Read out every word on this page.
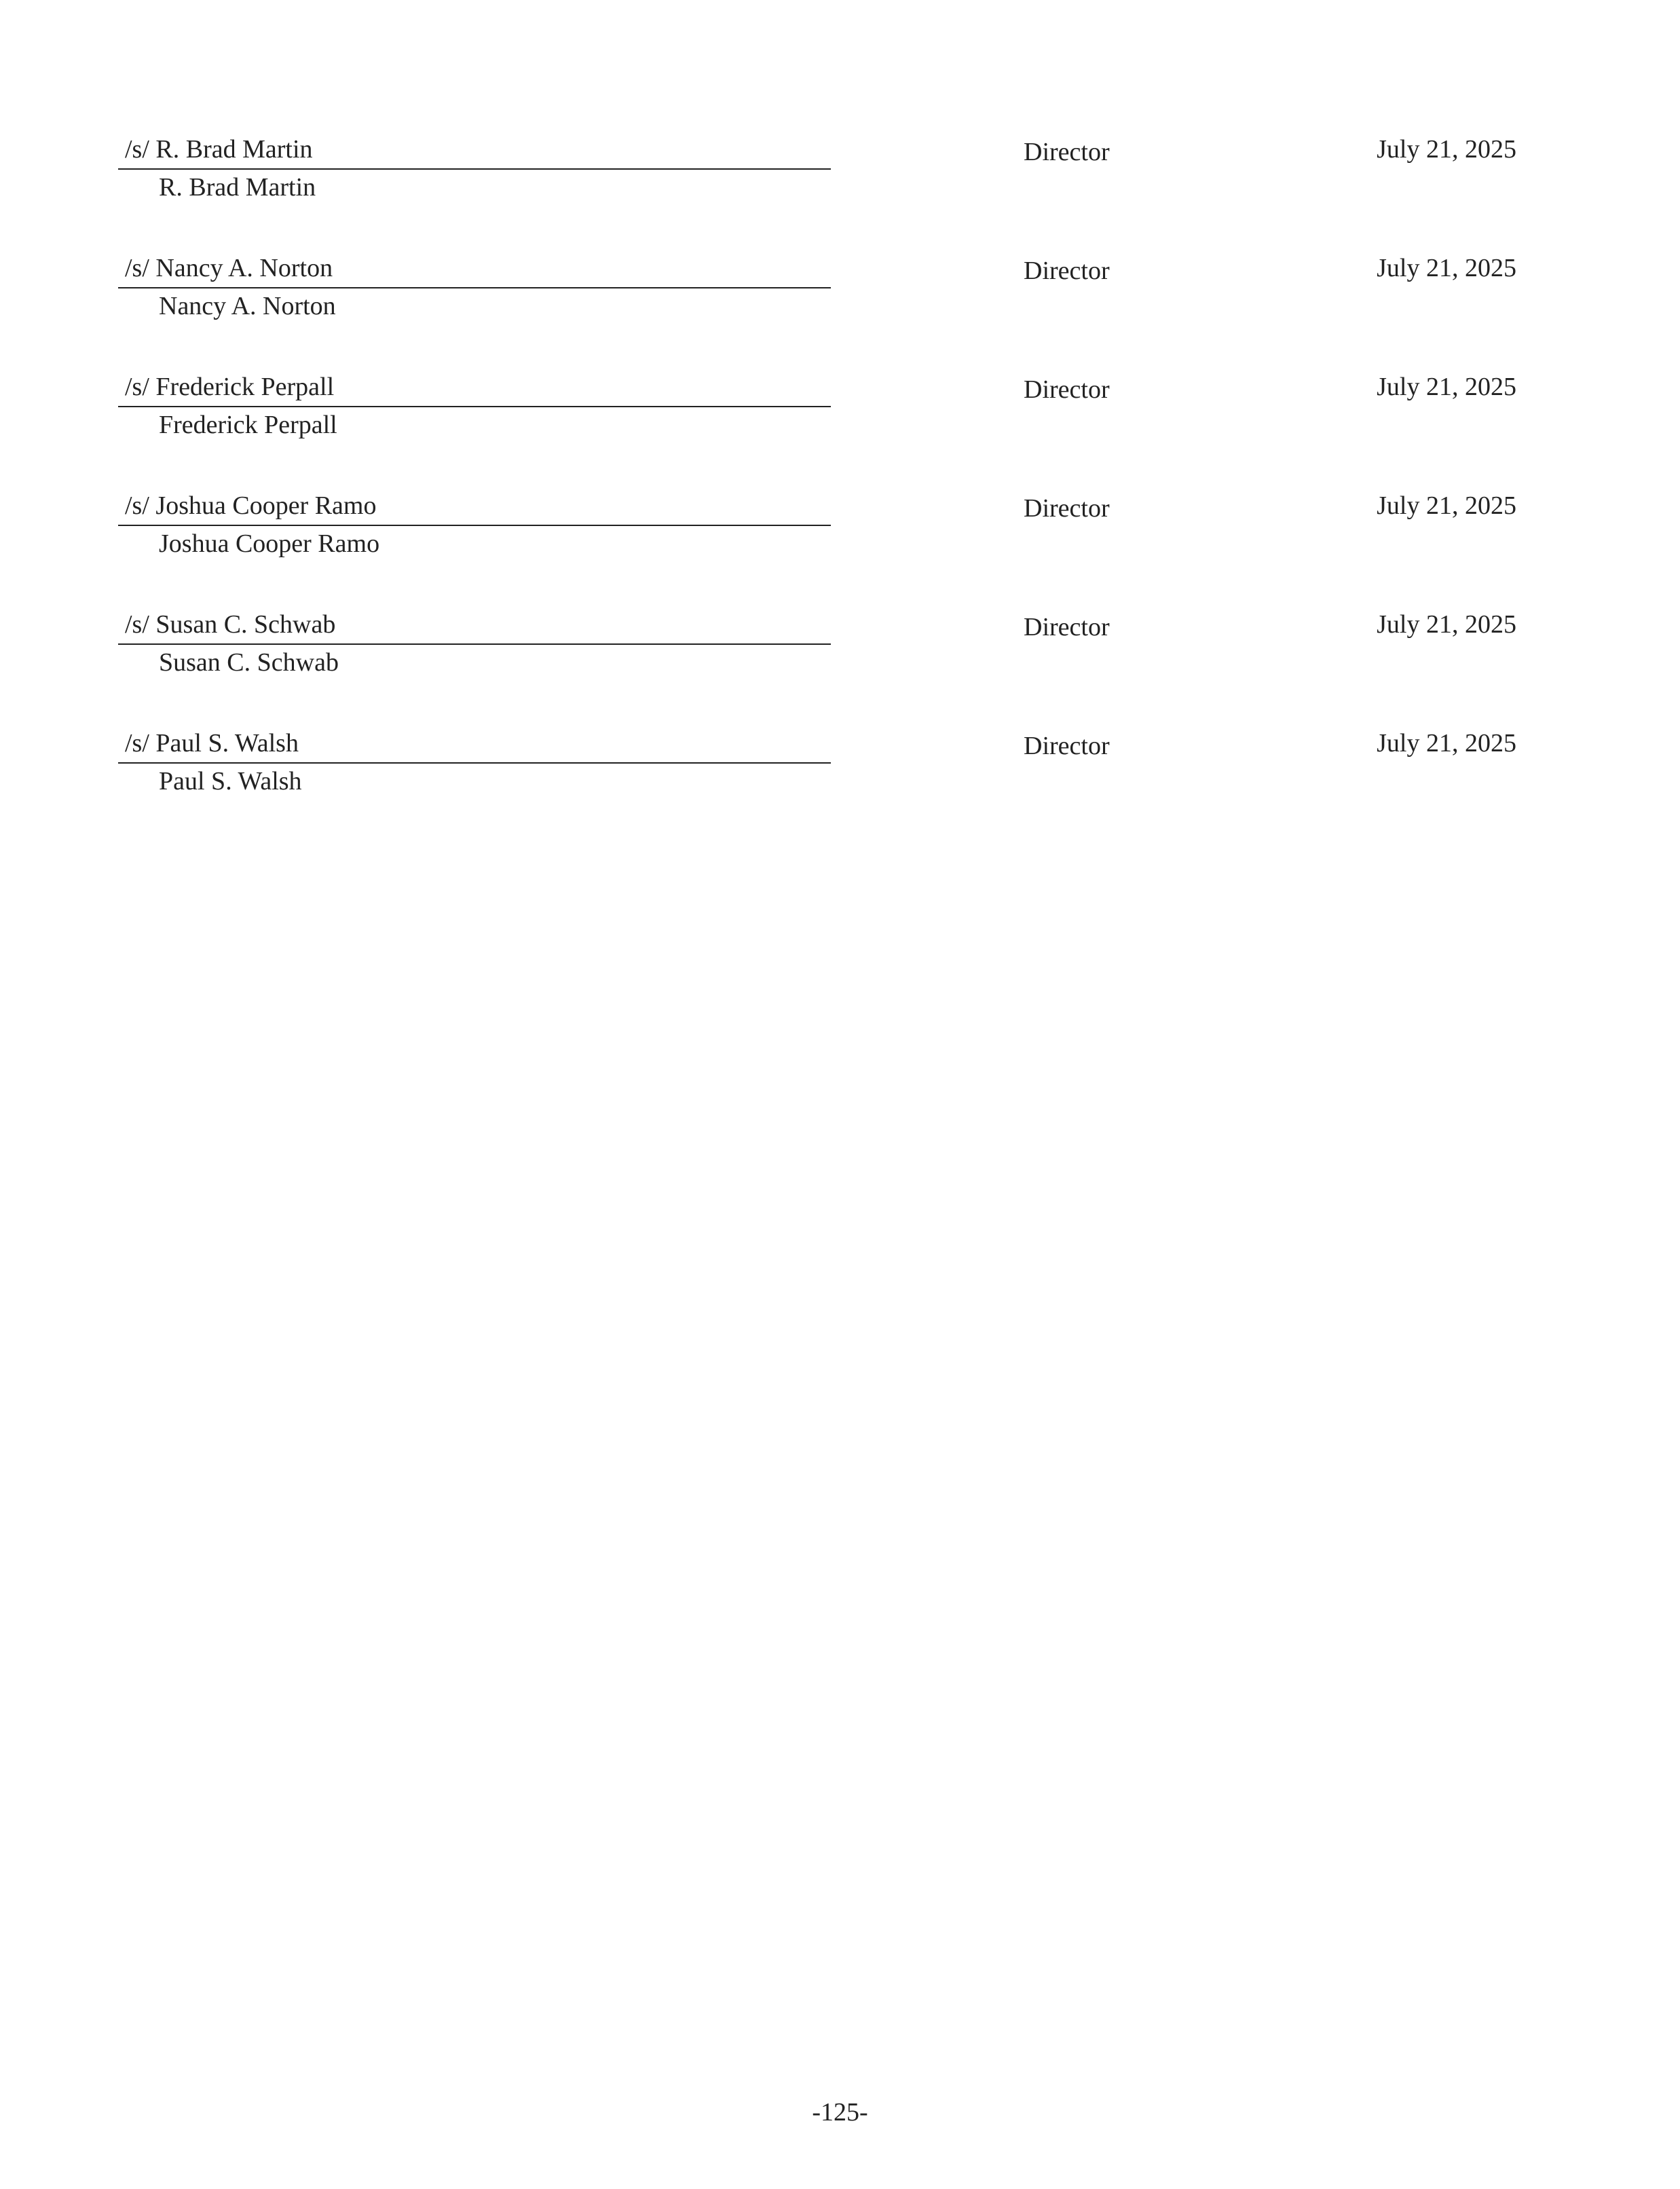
/s/ R. Brad Martin
R. Brad Martin
Director	July 21, 2025
/s/ Nancy A. Norton
Nancy A. Norton
Director	July 21, 2025
/s/ Frederick Perpall
Frederick Perpall
Director	July 21, 2025
/s/ Joshua Cooper Ramo
Joshua Cooper Ramo
Director	July 21, 2025
/s/ Susan C. Schwab
Susan C. Schwab
Director	July 21, 2025
/s/ Paul S. Walsh
Paul S. Walsh
Director	July 21, 2025
-125-
